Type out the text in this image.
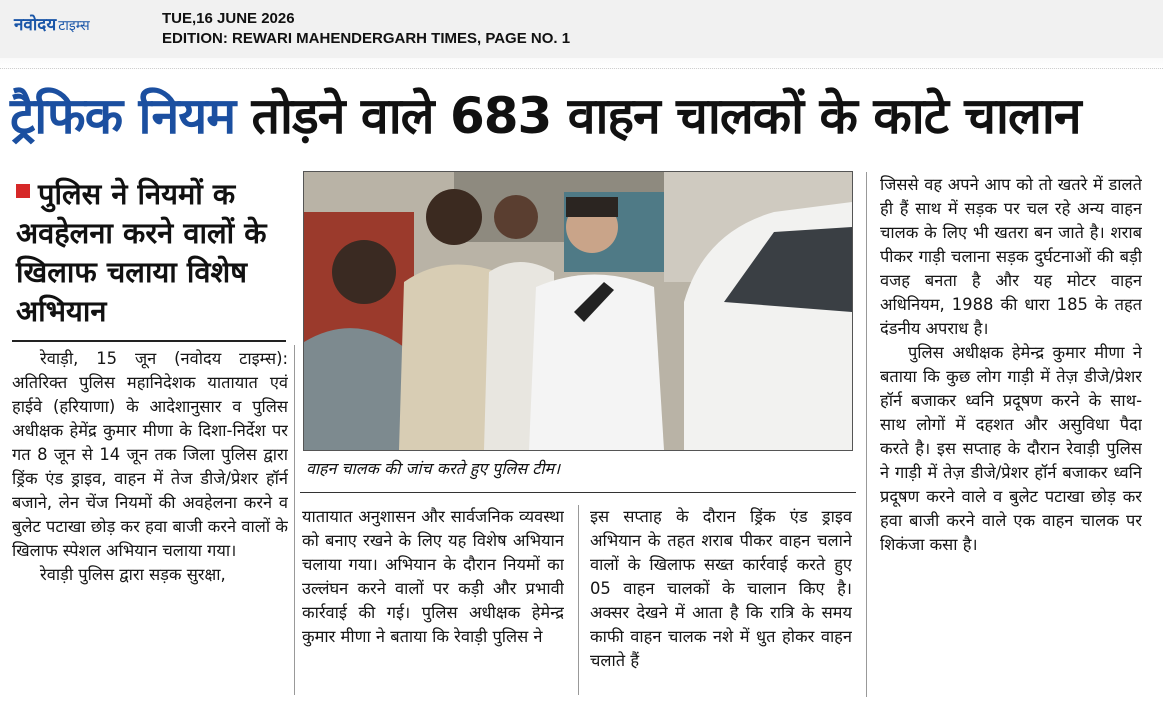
नवोदय टाइम्स	TUE,16 JUNE 2026
EDITION: REWARI MAHENDERGARH TIMES, PAGE NO. 1
ट्रैफिक नियम तोड़ने वाले 683 वाहन चालकों के काटे चालान
पुलिस ने नियमों क अवहेलना करने वालों के खिलाफ चलाया विशेष अभियान
वाहन चालक की जांच करते हुए पुलिस टीम।

रेवाड़ी, 15 जून (नवोदय टाइम्स): अतिरिक्त पुलिस महानिदेशक यातायात एवं हाईवे (हरियाणा) के आदेशानुसार व पुलिस अधीक्षक हेमेंद्र कुमार मीणा के दिशा-निर्देश पर गत 8 जून से 14 जून तक जिला पुलिस द्वारा ड्रिंक एंड ड्राइव, वाहन में तेज डीजे/प्रेशर हॉर्न बजाने, लेन चेंज नियमों की अवहेलना करने व बुलेट पटाखा छोड़ कर हवा बाजी करने वालों के खिलाफ स्पेशल अभियान चलाया गया।

रेवाड़ी पुलिस द्वारा सड़क सुरक्षा,

यातायात अनुशासन और सार्वजनिक व्यवस्था को बनाए रखने के लिए यह विशेष अभियान चलाया गया। अभियान के दौरान नियमों का उल्लंघन करने वालों पर कड़ी और प्रभावी कार्रवाई की गई। पुलिस अधीक्षक हेमेन्द्र कुमार मीणा ने बताया कि रेवाड़ी पुलिस ने

इस सप्ताह के दौरान ड्रिंक एंड ड्राइव अभियान के तहत शराब पीकर वाहन चलाने वालों के खिलाफ सख्त कार्रवाई करते हुए 05 वाहन चालकों के चालान किए है। अक्सर देखने में आता है कि रात्रि के समय काफी वाहन चालक नशे में धुत होकर वाहन चलाते हैं

जिससे वह अपने आप को तो खतरे में डालते ही हैं साथ में सड़क पर चल रहे अन्य वाहन चालक के लिए भी खतरा बन जाते है। शराब पीकर गाड़ी चलाना सड़क दुर्घटनाओं की बड़ी वजह बनता है और यह मोटर वाहन अधिनियम, 1988 की धारा 185 के तहत दंडनीय अपराध है।

पुलिस अधीक्षक हेमेन्द्र कुमार मीणा ने बताया कि कुछ लोग गाड़ी में तेज़ डीजे/प्रेशर हॉर्न बजाकर ध्वनि प्रदूषण करने के साथ-साथ लोगों में दहशत और असुविधा पैदा करते है। इस सप्ताह के दौरान रेवाड़ी पुलिस ने गाड़ी में तेज़ डीजे/प्रेशर हॉर्न बजाकर ध्वनि प्रदूषण करने वाले व बुलेट पटाखा छोड़ कर हवा बाजी करने वाले एक वाहन चालक पर शिकंजा कसा है।
